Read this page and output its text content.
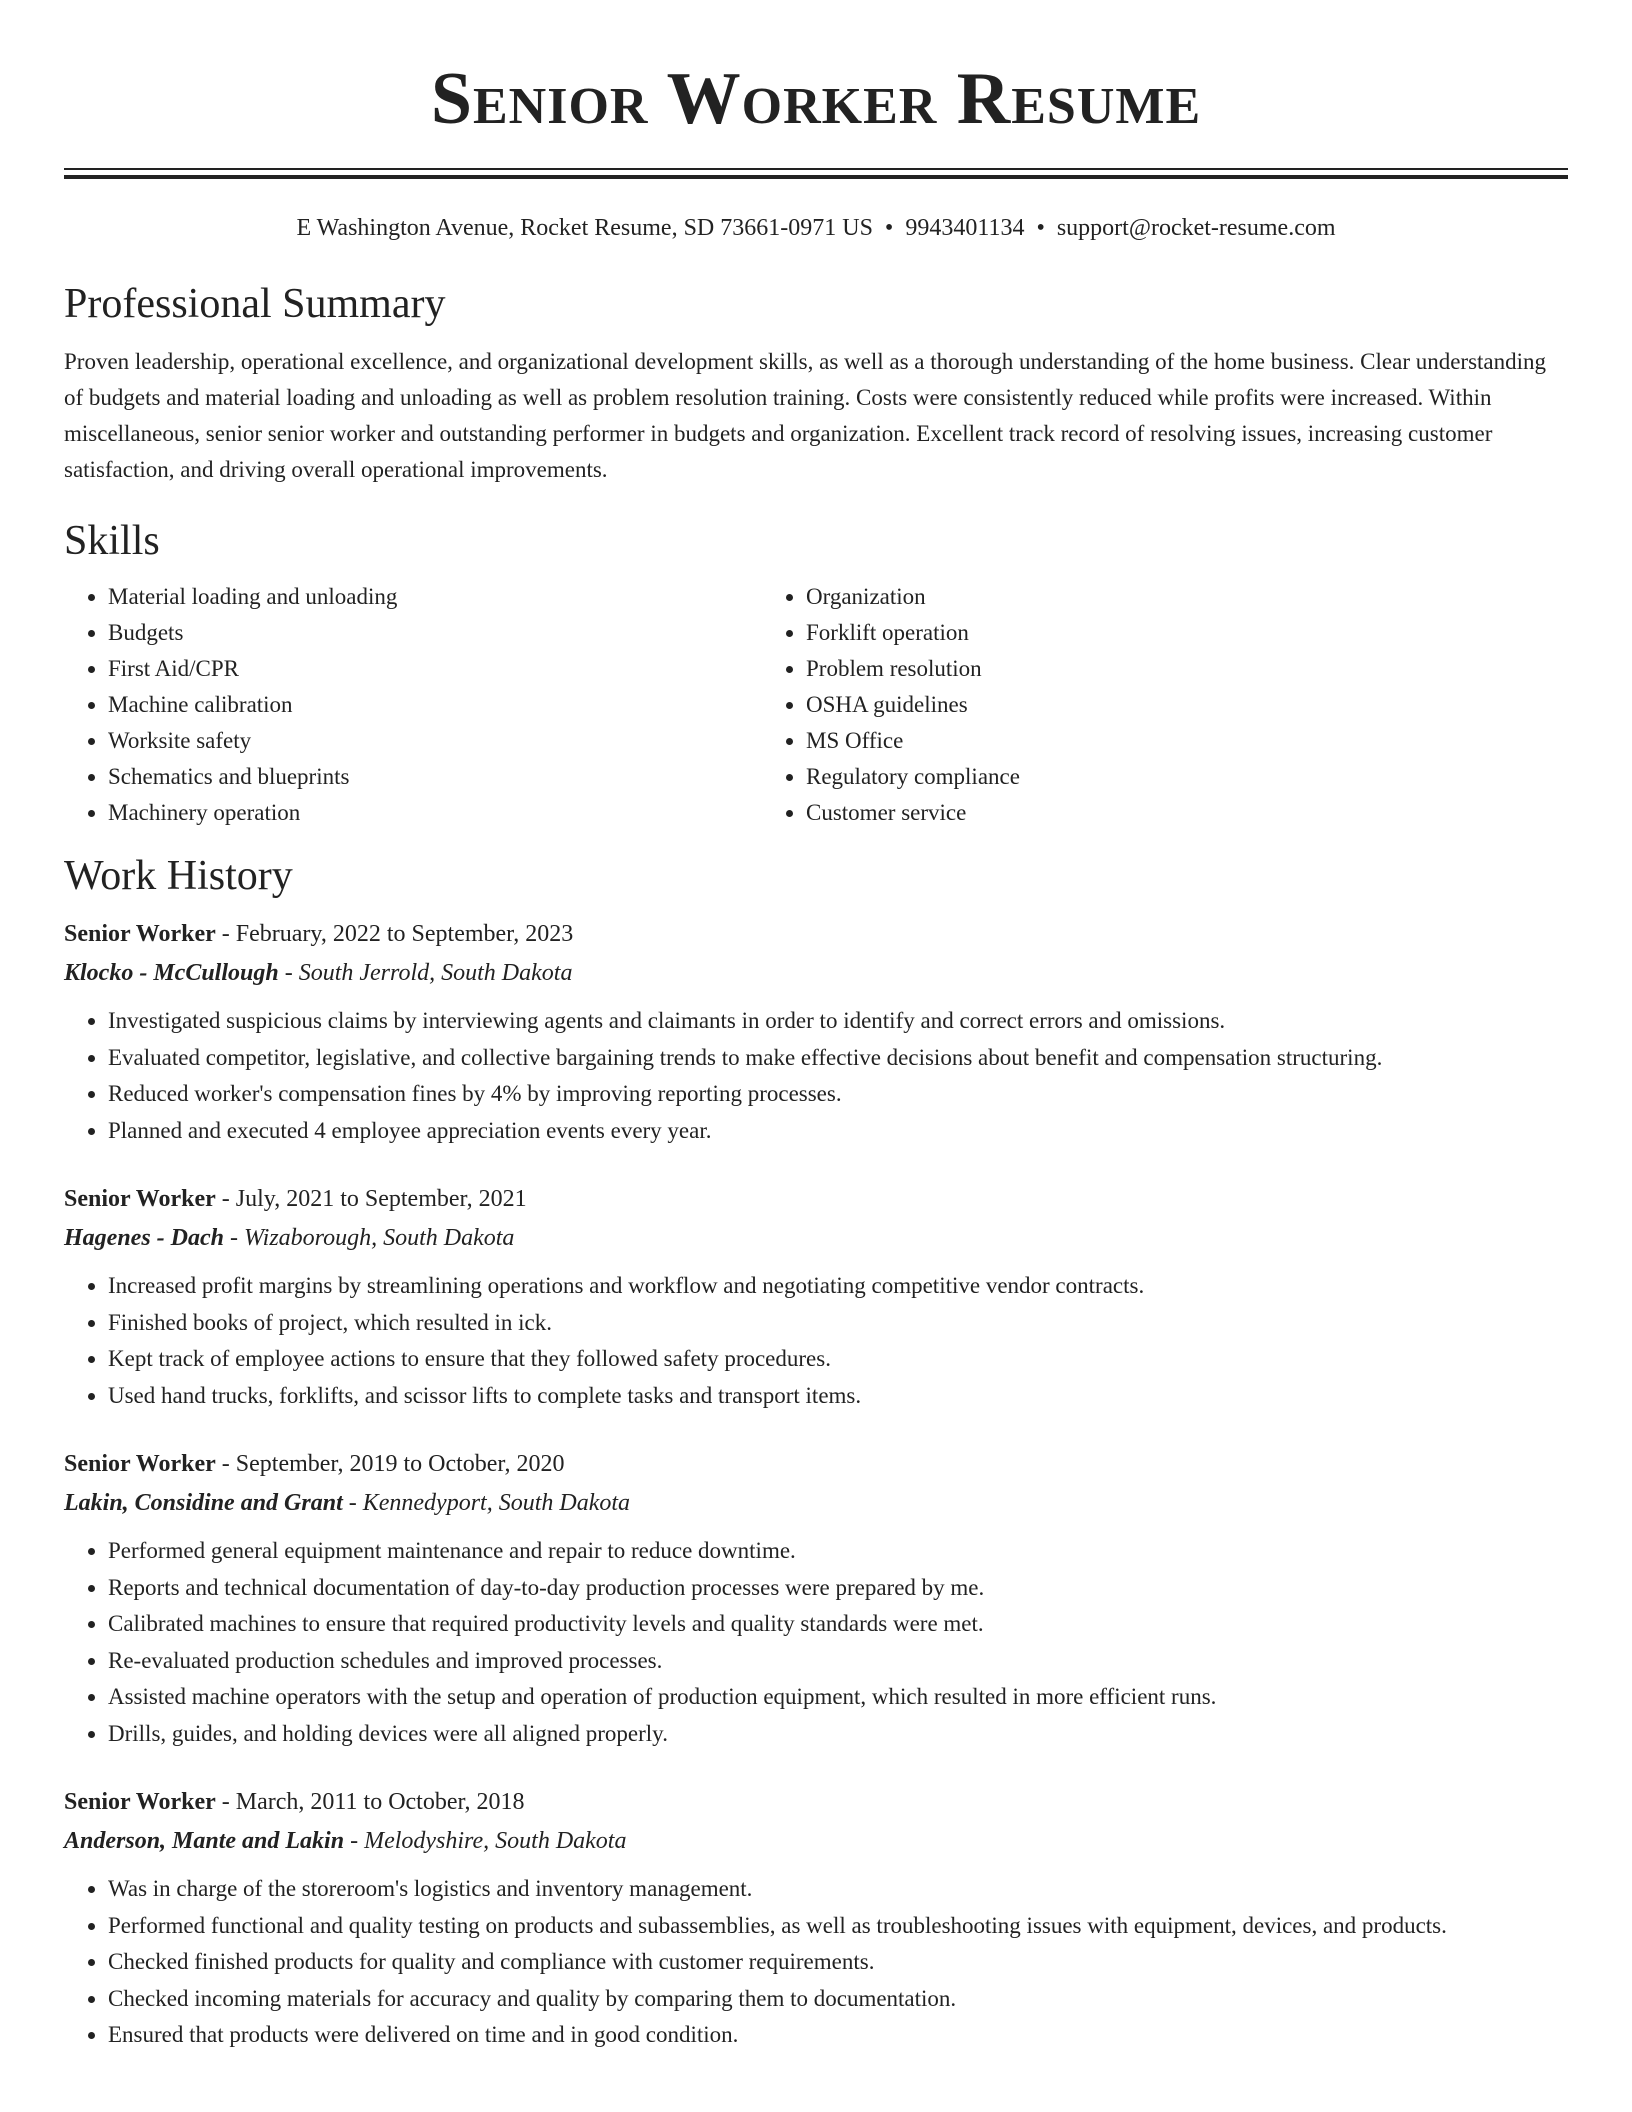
Senior Worker Resume
E Washington Avenue, Rocket Resume, SD 73661-0971 US • 9943401134 • support@rocket-resume.com
Professional Summary

Proven leadership, operational excellence, and organizational development skills, as well as a thorough understanding of the home business. Clear understanding of budgets and material loading and unloading as well as problem resolution training. Costs were consistently reduced while profits were increased. Within miscellaneous, senior senior worker and outstanding performer in budgets and organization. Excellent track record of resolving issues, increasing customer satisfaction, and driving overall operational improvements.

Skills
• Material loading and unloading
• Budgets
• First Aid/CPR
• Machine calibration
• Worksite safety
• Schematics and blueprints
• Machinery operation
• Organization
• Forklift operation
• Problem resolution
• OSHA guidelines
• MS Office
• Regulatory compliance
• Customer service
Work History
Senior Worker - February, 2022 to September, 2023
Klocko - McCullough - South Jerrold, South Dakota
• Investigated suspicious claims by interviewing agents and claimants in order to identify and correct errors and omissions.
• Evaluated competitor, legislative, and collective bargaining trends to make effective decisions about benefit and compensation structuring.
• Reduced worker's compensation fines by 4% by improving reporting processes.
• Planned and executed 4 employee appreciation events every year.
Senior Worker - July, 2021 to September, 2021
Hagenes - Dach - Wizaborough, South Dakota
• Increased profit margins by streamlining operations and workflow and negotiating competitive vendor contracts.
• Finished books of project, which resulted in ick.
• Kept track of employee actions to ensure that they followed safety procedures.
• Used hand trucks, forklifts, and scissor lifts to complete tasks and transport items.
Senior Worker - September, 2019 to October, 2020
Lakin, Considine and Grant - Kennedyport, South Dakota
• Performed general equipment maintenance and repair to reduce downtime.
• Reports and technical documentation of day-to-day production processes were prepared by me.
• Calibrated machines to ensure that required productivity levels and quality standards were met.
• Re-evaluated production schedules and improved processes.
• Assisted machine operators with the setup and operation of production equipment, which resulted in more efficient runs.
• Drills, guides, and holding devices were all aligned properly.
Senior Worker - March, 2011 to October, 2018
Anderson, Mante and Lakin - Melodyshire, South Dakota
• Was in charge of the storeroom's logistics and inventory management.
• Performed functional and quality testing on products and subassemblies, as well as troubleshooting issues with equipment, devices, and products.
• Checked finished products for quality and compliance with customer requirements.
• Checked incoming materials for accuracy and quality by comparing them to documentation.
• Ensured that products were delivered on time and in good condition.
